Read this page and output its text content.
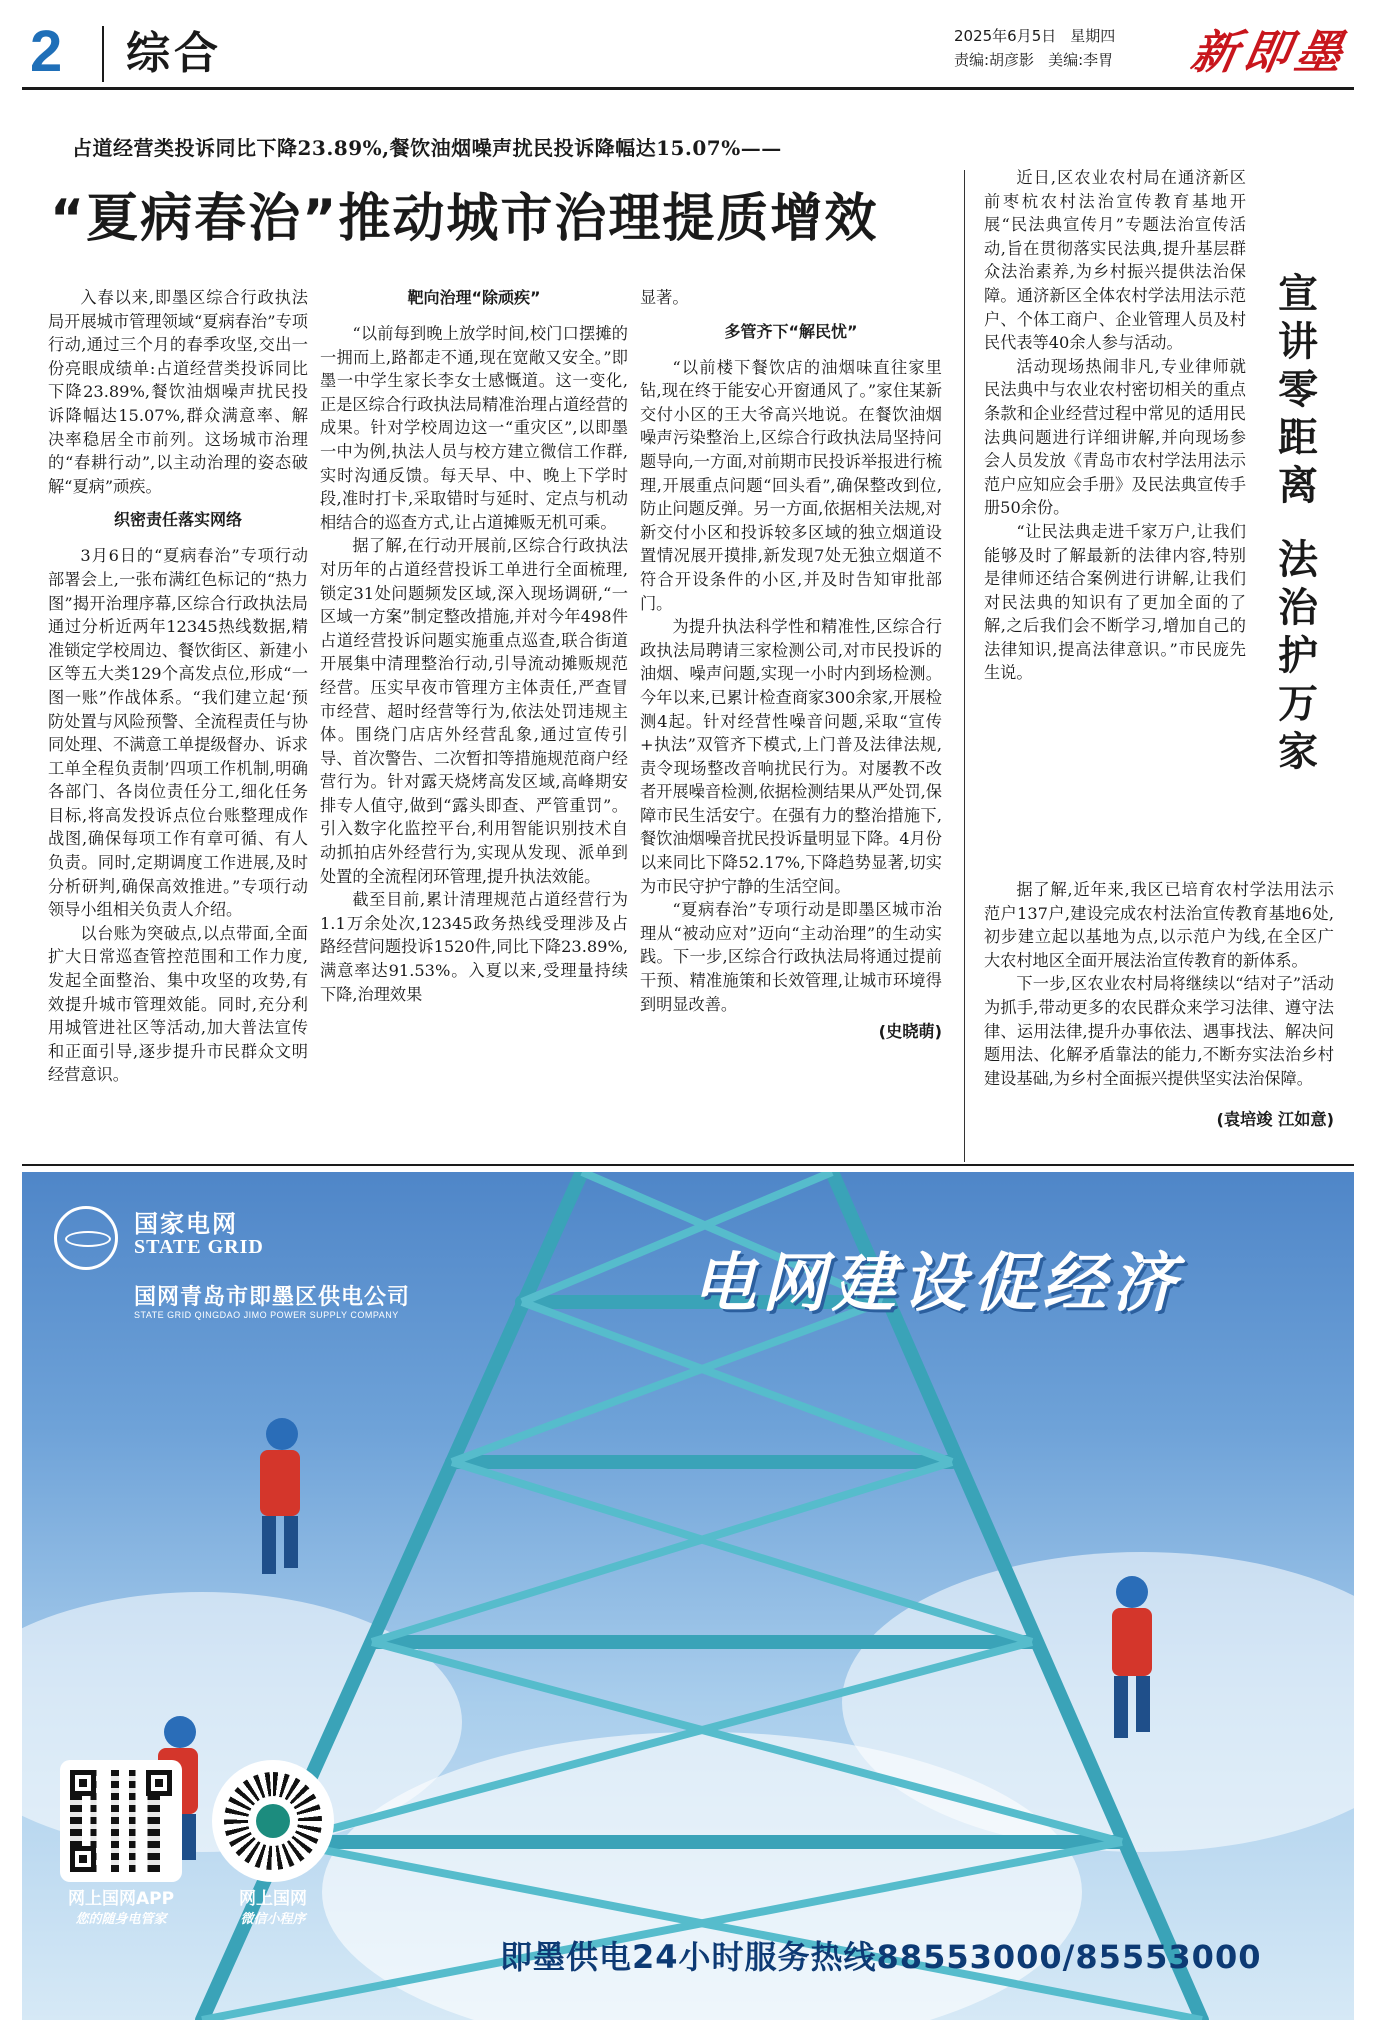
2 综合	2025年6月5日 星期四
责编:胡彦影 美编:李胃 新即墨
占道经营类投诉同比下降23.89%,餐饮油烟噪声扰民投诉降幅达15.07%——
“夏病春治”推动城市治理提质增效

入春以来,即墨区综合行政执法局开展城市管理领域“夏病春治”专项行动,通过三个月的春季攻坚,交出一份亮眼成绩单:占道经营类投诉同比下降23.89%,餐饮油烟噪声扰民投诉降幅达15.07%,群众满意率、解决率稳居全市前列。这场城市治理的“春耕行动”,以主动治理的姿态破解“夏病”顽疾。

织密责任落实网络

3月6日的“夏病春治”专项行动部署会上,一张布满红色标记的“热力图”揭开治理序幕,区综合行政执法局通过分析近两年12345热线数据,精准锁定学校周边、餐饮街区、新建小区等五大类129个高发点位,形成“一图一账”作战体系。“我们建立起‘预防处置与风险预警、全流程责任与协同处理、不满意工单提级督办、诉求工单全程负责制’四项工作机制,明确各部门、各岗位责任分工,细化任务目标,将高发投诉点位台账整理成作战图,确保每项工作有章可循、有人负责。同时,定期调度工作进展,及时分析研判,确保高效推进。”专项行动领导小组相关负责人介绍。

以台账为突破点,以点带面,全面扩大日常巡查管控范围和工作力度,发起全面整治、集中攻坚的攻势,有效提升城市管理效能。同时,充分利用城管进社区等活动,加大普法宣传和正面引导,逐步提升市民群众文明经营意识。

靶向治理“除顽疾”

“以前每到晚上放学时间,校门口摆摊的一拥而上,路都走不通,现在宽敞又安全。”即墨一中学生家长李女士感慨道。这一变化,正是区综合行政执法局精准治理占道经营的成果。针对学校周边这一“重灾区”,以即墨一中为例,执法人员与校方建立微信工作群,实时沟通反馈。每天早、中、晚上下学时段,准时打卡,采取错时与延时、定点与机动相结合的巡查方式,让占道摊贩无机可乘。

据了解,在行动开展前,区综合行政执法对历年的占道经营投诉工单进行全面梳理,锁定31处问题频发区域,深入现场调研,“一区域一方案”制定整改措施,并对今年498件占道经营投诉问题实施重点巡查,联合街道开展集中清理整治行动,引导流动摊贩规范经营。压实早夜市管理方主体责任,严查冒市经营、超时经营等行为,依法处罚违规主体。围绕门店店外经营乱象,通过宣传引导、首次警告、二次暂扣等措施规范商户经营行为。针对露天烧烤高发区域,高峰期安排专人值守,做到“露头即查、严管重罚”。引入数字化监控平台,利用智能识别技术自动抓拍店外经营行为,实现从发现、派单到处置的全流程闭环管理,提升执法效能。

截至目前,累计清理规范占道经营行为1.1万余处次,12345政务热线受理涉及占路经营问题投诉1520件,同比下降23.89%,满意率达91.53%。入夏以来,受理量持续下降,治理效果

显著。

多管齐下“解民忧”

“以前楼下餐饮店的油烟味直往家里钻,现在终于能安心开窗通风了。”家住某新交付小区的王大爷高兴地说。在餐饮油烟噪声污染整治上,区综合行政执法局坚持问题导向,一方面,对前期市民投诉举报进行梳理,开展重点问题“回头看”,确保整改到位,防止问题反弹。另一方面,依据相关法规,对新交付小区和投诉较多区域的独立烟道设置情况展开摸排,新发现7处无独立烟道不符合开设条件的小区,并及时告知审批部门。

为提升执法科学性和精准性,区综合行政执法局聘请三家检测公司,对市民投诉的油烟、噪声问题,实现一小时内到场检测。今年以来,已累计检查商家300余家,开展检测4起。针对经营性噪音问题,采取“宣传+执法”双管齐下模式,上门普及法律法规,责令现场整改音响扰民行为。对屡教不改者开展噪音检测,依据检测结果从严处罚,保障市民生活安宁。在强有力的整治措施下,餐饮油烟噪音扰民投诉量明显下降。4月份以来同比下降52.17%,下降趋势显著,切实为市民守护宁静的生活空间。

“夏病春治”专项行动是即墨区城市治理从“被动应对”迈向“主动治理”的生动实践。下一步,区综合行政执法局将通过提前干预、精准施策和长效管理,让城市环境得到明显改善。

(史晓萌)

宣讲零距离
法治护万家

近日,区农业农村局在通济新区前枣杭农村法治宣传教育基地开展“民法典宣传月”专题法治宣传活动,旨在贯彻落实民法典,提升基层群众法治素养,为乡村振兴提供法治保障。通济新区全体农村学法用法示范户、个体工商户、企业管理人员及村民代表等40余人参与活动。

活动现场热闹非凡,专业律师就民法典中与农业农村密切相关的重点条款和企业经营过程中常见的适用民法典问题进行详细讲解,并向现场参会人员发放《青岛市农村学法用法示范户应知应会手册》及民法典宣传手册50余份。

“让民法典走进千家万户,让我们能够及时了解最新的法律内容,特别是律师还结合案例进行讲解,让我们对民法典的知识有了更加全面的了解,之后我们会不断学习,增加自己的法律知识,提高法律意识。”市民庞先生说。

据了解,近年来,我区已培育农村学法用法示范户137户,建设完成农村法治宣传教育基地6处,初步建立起以基地为点,以示范户为线,在全区广大农村地区全面开展法治宣传教育的新体系。

下一步,区农业农村局将继续以“结对子”活动为抓手,带动更多的农民群众来学习法律、遵守法律、运用法律,提升办事依法、遇事找法、解决问题用法、化解矛盾靠法的能力,不断夯实法治乡村建设基础,为乡村全面振兴提供坚实法治保障。

(袁培竣 江如意)

国家电网
STATE GRID
国网青岛市即墨区供电公司
STATE GRID QINGDAO JIMO POWER SUPPLY COMPANY	电网建设促经济
网上国网APP
您的随身电管家
网上国网
微信小程序
即墨供电24小时服务热线88553000/85553000
